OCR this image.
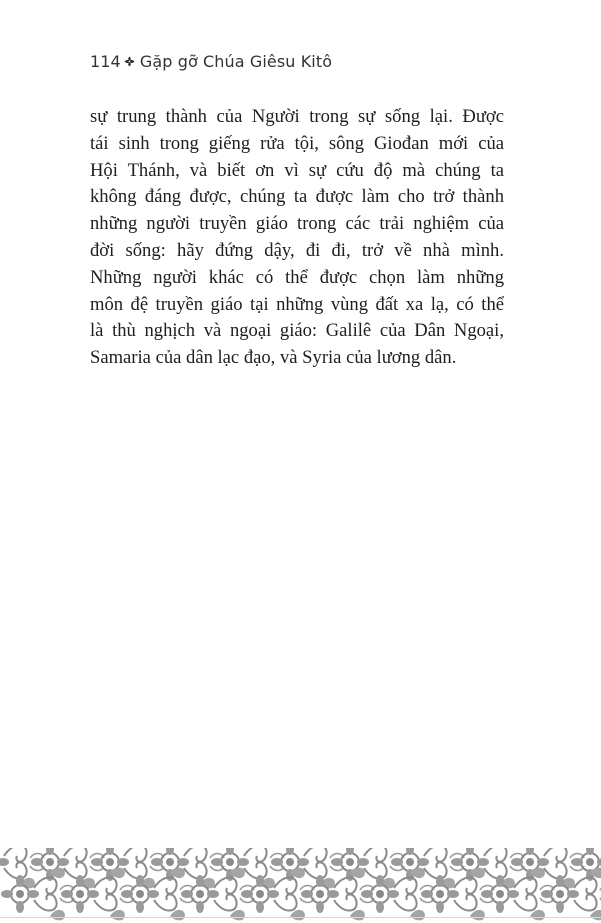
114 Gặp gỡ Chúa Giêsu Kitô
sự trung thành của Người trong sự sống lại. Được
tái sinh trong giếng rửa tội, sông Giođan mới của
Hội Thánh, và biết ơn vì sự cứu độ mà chúng ta
không đáng được, chúng ta được làm cho trở thành
những người truyền giáo trong các trải nghiệm của
đời sống: hãy đứng dậy, đi đi, trở về nhà mình.
Những người khác có thể được chọn làm những
môn đệ truyền giáo tại những vùng đất xa lạ, có thể
là thù nghịch và ngoại giáo: Galilê của Dân Ngoại,
Samaria của dân lạc đạo, và Syria của lương dân.
